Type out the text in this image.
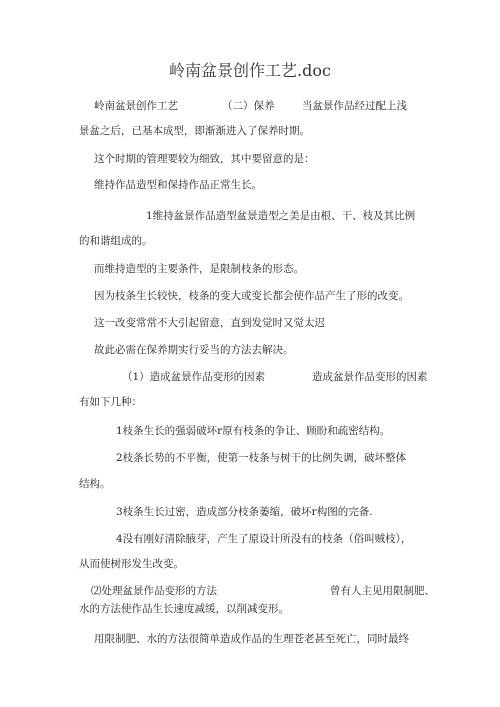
岭南盆景创作工艺.doc
岭南盆景创作工艺	（二）保养	当盆景作品经过配上浅
景盆之后，已基本成型，即渐渐进入了保养时期。
这个时期的管理要较为细致，其中要留意的是：
维持作品造型和保持作品正常生长。
1维持盆景作品造型盆景造型之美是由根、干、枝及其比例
的和谐组成的。
而维持造型的主要条件，是限制枝条的形态。
因为枝条生长较快，枝条的变大或变长都会使作品产生了形的改变。
这一改变常常不大引起留意，直到发觉时又觉太迟
故此必需在保养期实行妥当的方法去解决。
（1）造成盆景作品变形的因素	造成盆景作品变形的因素
有如下几种：
1枝条生长的强弱破坏r原有枝条的争让、顾盼和疏密结构。
2枝条长势的不平衡，使第一枝条与树干的比例失调，破坏整体
结构。
3枝条生长过密，造成部分枝条萎缩，破坏r构图的完备.
4没有刚好清除腋芽，产生了原设计所没有的枝条（俗叫贼枝），
从而使树形发生改变。
⑵处理盆景作品变形的方法	曾有人主见用限制肥、
水的方法使作品生长速度减缓，以削减变形。
用限制肥、水的方法很简单造成作品的生理苍老甚至死亡，同时最终
